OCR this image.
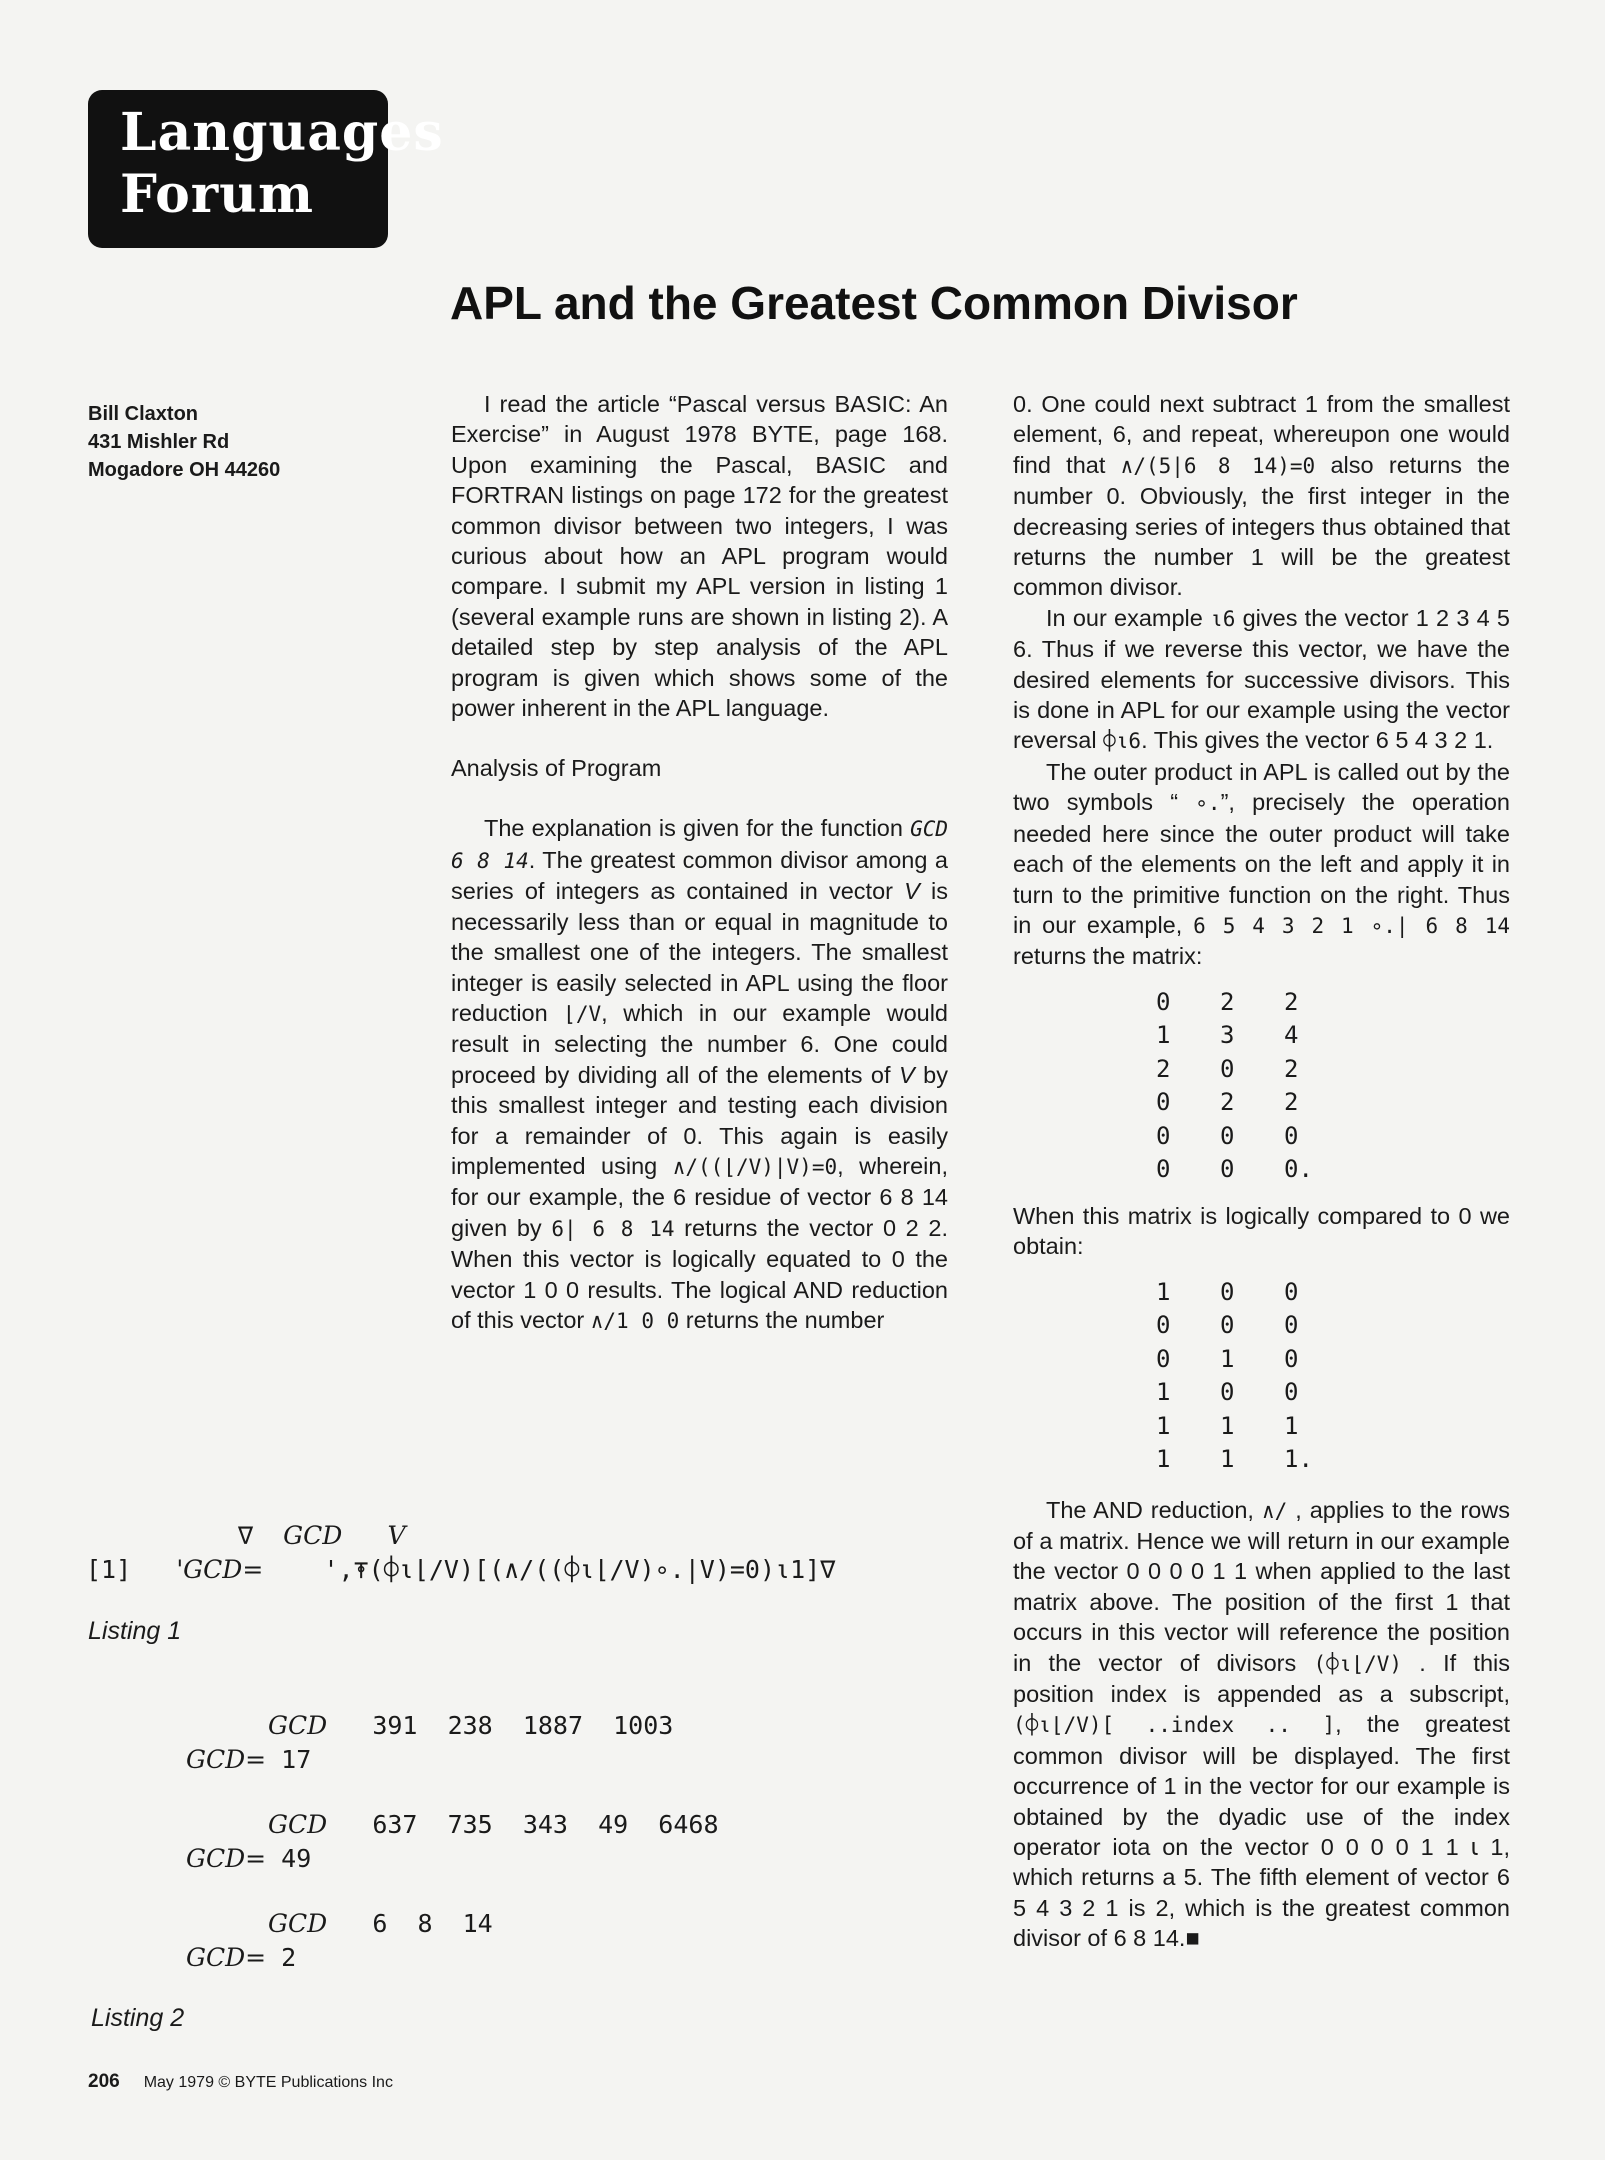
Languages
Forum
APL and the Greatest Common Divisor
Bill Claxton
431 Mishler Rd
Mogadore OH 44260

I read the article “Pascal versus BASIC: An Exercise” in August 1978 BYTE, page 168. Upon examining the Pascal, BASIC and FORTRAN listings on page 172 for the greatest common divisor between two integers, I was curious about how an APL program would compare. I submit my APL version in listing 1 (several example runs are shown in listing 2). A detailed step by step analysis of the APL program is given which shows some of the power inherent in the APL language.

Analysis of Program

The explanation is given for the function GCD 6 8 14. The greatest common divisor among a series of integers as contained in vector V is necessarily less than or equal in magnitude to the smallest one of the integers. The smallest integer is easily selected in APL using the floor reduction ⌊/V, which in our example would result in selecting the number 6. One could proceed by dividing all of the elements of V by this smallest integer and testing each division for a remainder of 0. This again is easily implemented using ∧/((⌊/V)|V)=0, wherein, for our example, the 6 residue of vector 6 8 14 given by 6| 6 8 14 returns the vector 0 2 2. When this vector is logically equated to 0 the vector 1 0 0 results. The logical AND reduction of this vector ∧/1 0 0 returns the number

0. One could next subtract 1 from the smallest element, 6, and repeat, whereupon one would find that ∧/(5|6 8 14)=0 also returns the number 0. Obviously, the first integer in the decreasing series of integers thus obtained that returns the number 1 will be the greatest common divisor.

In our example ⍳6 gives the vector 1 2 3 4 5 6. Thus if we reverse this vector, we have the desired elements for successive divisors. This is done in APL for our example using the vector reversal ⌽⍳6. This gives the vector 6 5 4 3 2 1.

The outer product in APL is called out by the two symbols “ ∘.”, precisely the operation needed here since the outer product will take each of the elements on the left and apply it in turn to the primitive function on the right. Thus in our example, 6 5 4 3 2 1 ∘.| 6 8 14 returns the matrix:

0	2	2
1	3	4
2	0	2
0	2	2
0	0	0
0	0	0.

When this matrix is logically compared to 0 we obtain:

1	0	0
0	0	0
0	1	0
1	0	0
1	1	1
1	1	1.

The AND reduction, ∧/ , applies to the rows of a matrix. Hence we will return in our example the vector 0 0 0 0 1 1 when applied to the last matrix above. The position of the first 1 that occurs in this vector will reference the position in the vector of divisors (⌽⍳⌊/V) . If this position index is appended as a subscript, (⌽⍳⌊/V)[ ..index .. ], the greatest common divisor will be displayed. The first occurrence of 1 in the vector for our example is obtained by the dyadic use of the index operator iota on the vector 0 0 0 0 1 1 ⍳ 1, which returns a 5. The fifth element of vector 6 5 4 3 2 1 is 2, which is the greatest common divisor of 6 8 14.■

∇ GCD V
[1] 'GCD= ',⍕(⌽⍳⌊/V)[(∧/((⌽⍳⌊/V)∘.|V)=0)⍳1]∇
Listing 1
GCD 391  238  1887  1003
GCD= 17
GCD 637  735  343  49  6468
GCD= 49
GCD 6  8  14
GCD= 2
Listing 2
206 May 1979 © BYTE Publications Inc
